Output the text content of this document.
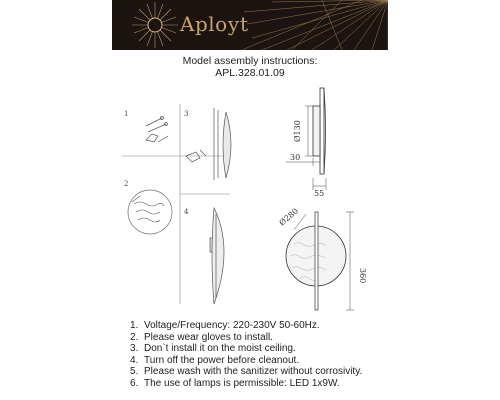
Aploуt
Model assembly instructions:
APL.328.01.09
1
2
3
4
Ø130
30
55
Ø280
360
1. Voltage/Frequency: 220-230V 50-60Hz.
2. Please wear gloves to install.
3. Don`t install it on the moist ceiling.
4. Turn off the power before cleanout.
5. Please wash with the sanitizer without corrosivity.
6. The use of lamps is permissible: LED 1x9W.
